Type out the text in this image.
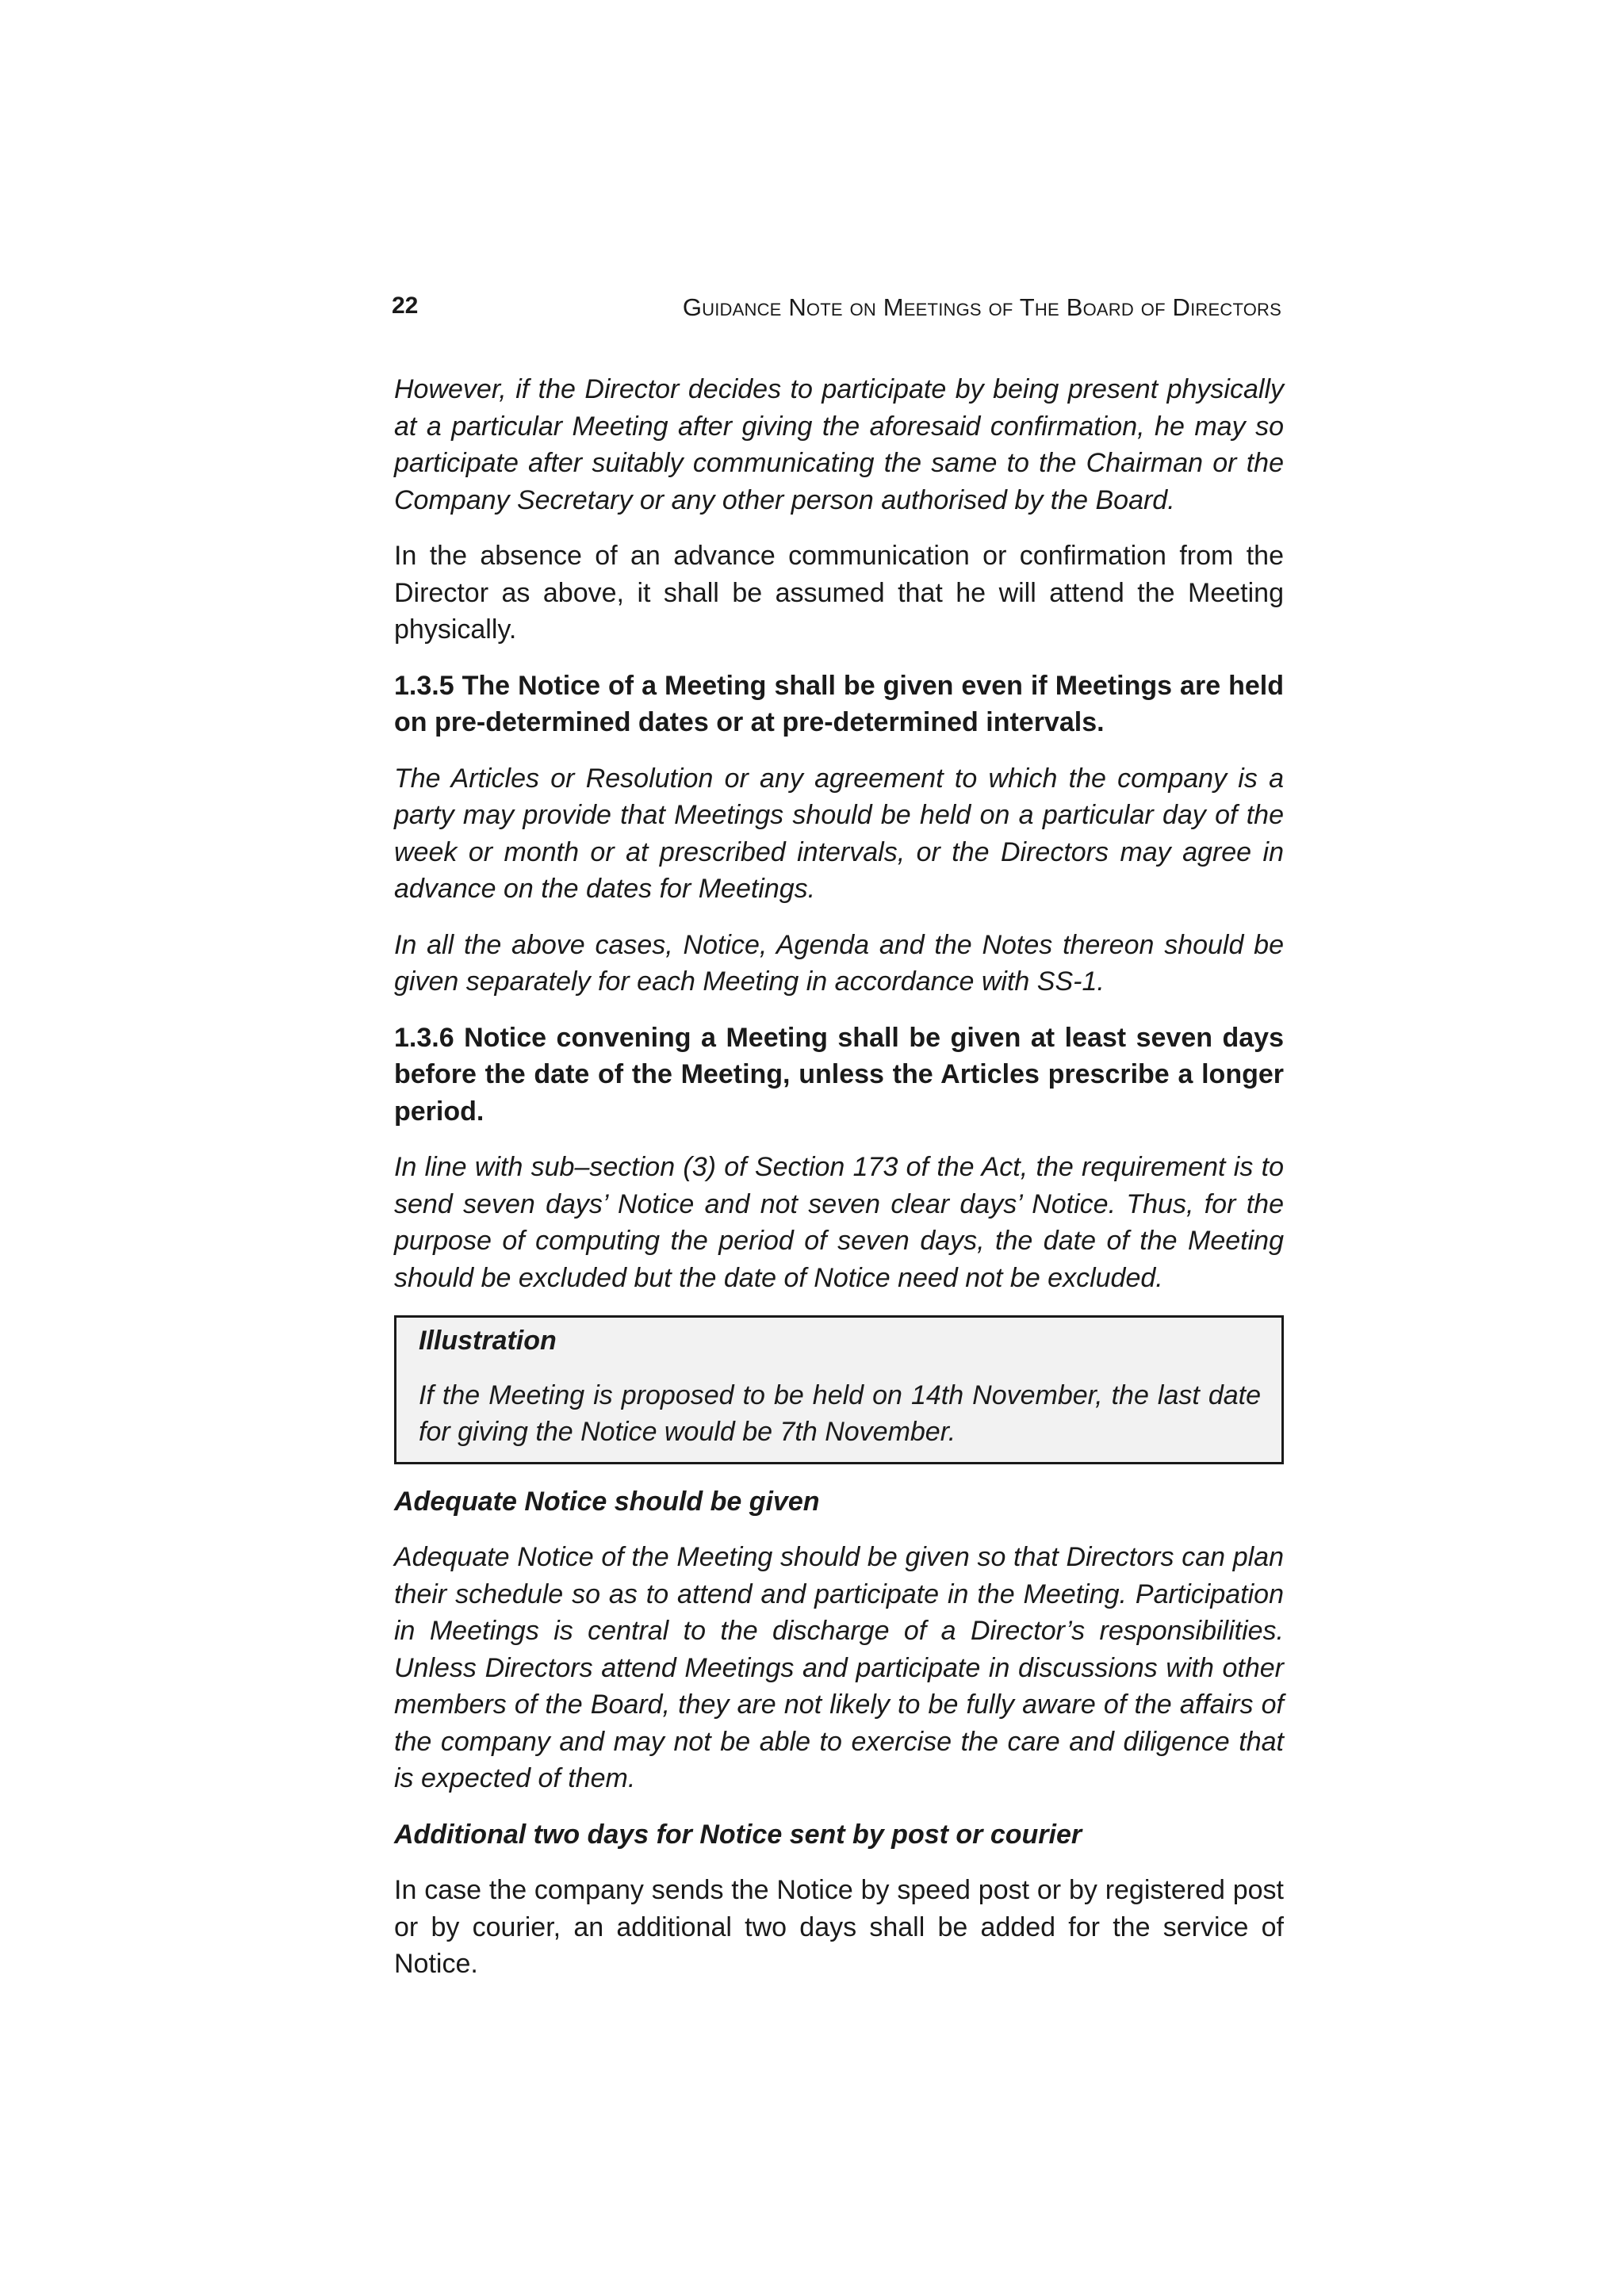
22	Guidance Note on Meetings of The Board of Directors

However, if the Director decides to participate by being present physically at a particular Meeting after giving the aforesaid confirmation, he may so participate after suitably communicating the same to the Chairman or the Company Secretary or any other person authorised by the Board.

In the absence of an advance communication or confirmation from the Director as above, it shall be assumed that he will attend the Meeting physically.

1.3.5 The Notice of a Meeting shall be given even if Meetings are held on pre-determined dates or at pre-determined intervals.

The Articles or Resolution or any agreement to which the company is a party may provide that Meetings should be held on a particular day of the week or month or at prescribed intervals, or the Directors may agree in advance on the dates for Meetings.

In all the above cases, Notice, Agenda and the Notes thereon should be given separately for each Meeting in accordance with SS-1.

1.3.6 Notice convening a Meeting shall be given at least seven days before the date of the Meeting, unless the Articles prescribe a longer period.

In line with sub–section (3) of Section 173 of the Act, the requirement is to send seven days’ Notice and not seven clear days’ Notice. Thus, for the purpose of computing the period of seven days, the date of the Meeting should be excluded but the date of Notice need not be excluded.

Illustration

If the Meeting is proposed to be held on 14th November, the last date for giving the Notice would be 7th November.

Adequate Notice should be given

Adequate Notice of the Meeting should be given so that Directors can plan their schedule so as to attend and participate in the Meeting. Participation in Meetings is central to the discharge of a Director’s responsibilities. Unless Directors attend Meetings and participate in discussions with other members of the Board, they are not likely to be fully aware of the affairs of the company and may not be able to exercise the care and diligence that is expected of them.

Additional two days for Notice sent by post or courier

In case the company sends the Notice by speed post or by registered post or by courier, an additional two days shall be added for the service of Notice.
